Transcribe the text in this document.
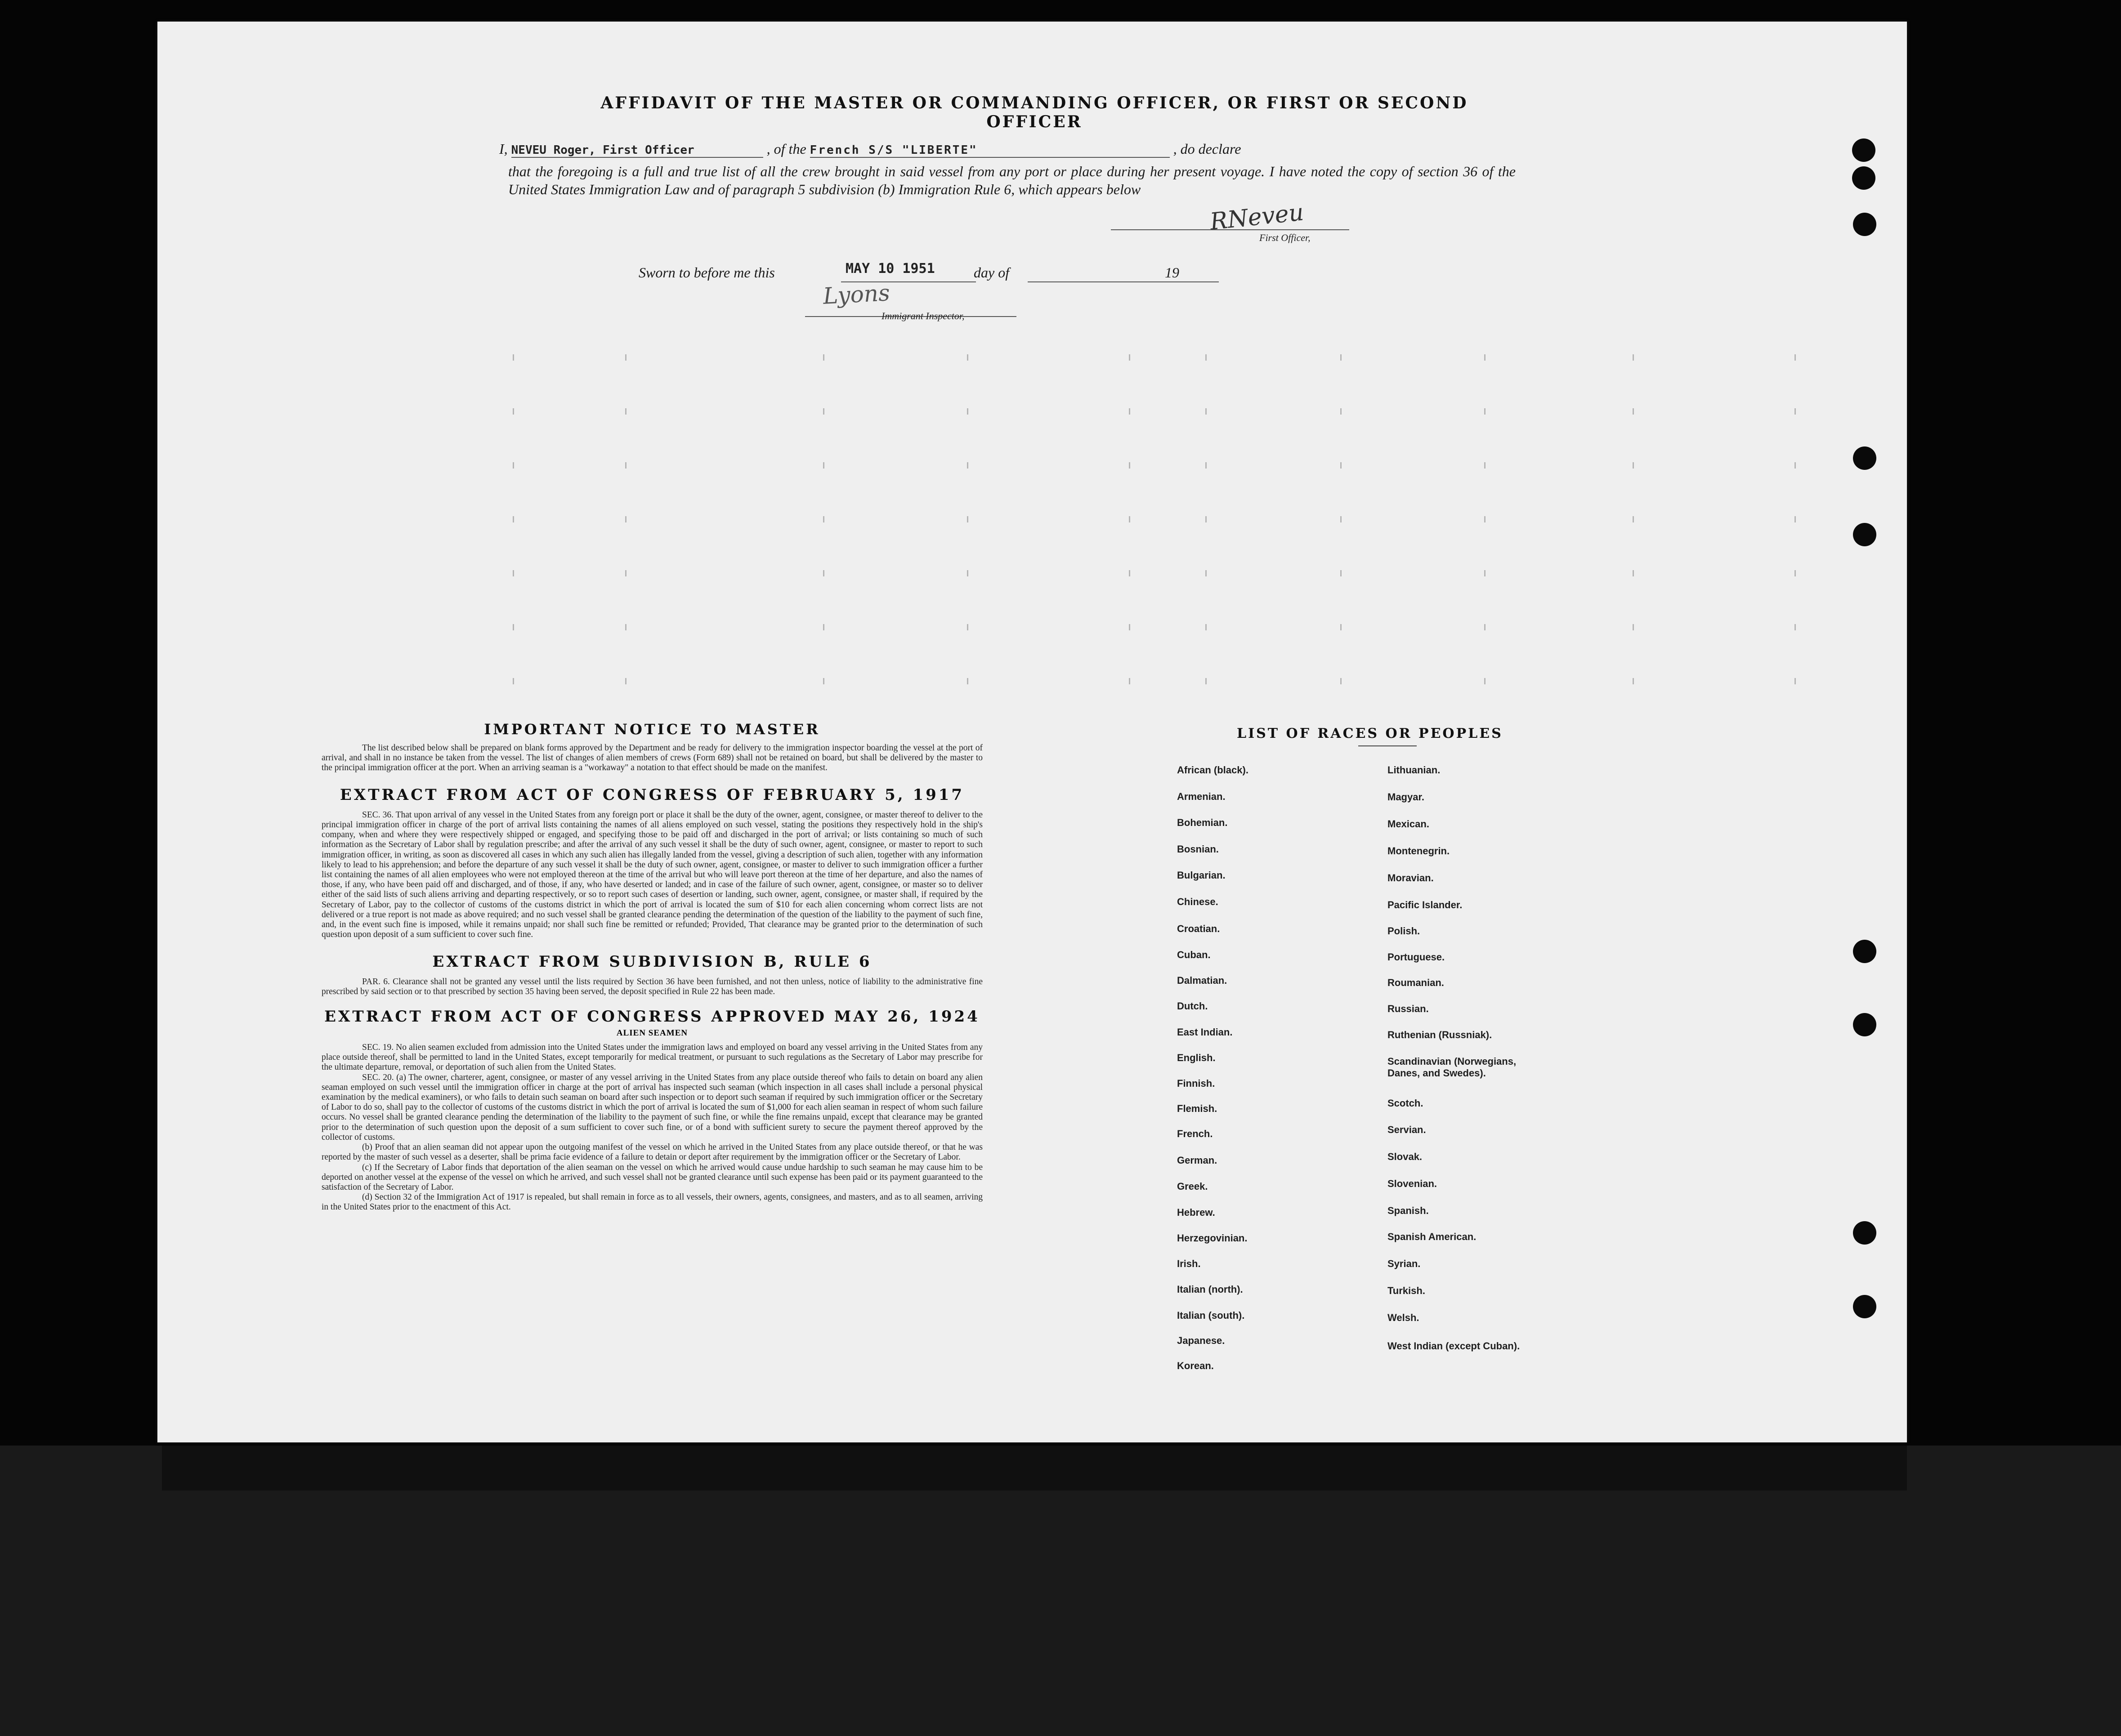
AFFIDAVIT OF THE MASTER OR COMMANDING OFFICER, OR FIRST OR SECOND OFFICER
I, NEVEU Roger, First Officer	, of the French S/S "LIBERTE"	, do declare
that the foregoing is a full and true list of all the crew brought in said vessel from any port or place during her present voyage. I have noted the copy of section 36 of the United States Immigration Law and of paragraph 5 subdivision (b) Immigration Rule 6, which appears below
RNeveu
First Officer,
Sworn to before me this	MAY 10 1951	day of	19
Lyons
Immigrant Inspector,
IMPORTANT NOTICE TO MASTER
The list described below shall be prepared on blank forms approved by the Department and be ready for delivery to the immigration inspector boarding the vessel at the port of arrival, and shall in no instance be taken from the vessel. The list of changes of alien members of crews (Form 689) shall not be retained on board, but shall be delivered by the master to the principal immigration officer at the port. When an arriving seaman is a "workaway" a notation to that effect should be made on the manifest.
EXTRACT FROM ACT OF CONGRESS OF FEBRUARY 5, 1917
SEC. 36. That upon arrival of any vessel in the United States from any foreign port or place it shall be the duty of the owner, agent, consignee, or master thereof to deliver to the principal immigration officer in charge of the port of arrival lists containing the names of all aliens employed on such vessel, stating the positions they respectively hold in the ship's company, when and where they were respectively shipped or engaged, and specifying those to be paid off and discharged in the port of arrival; or lists containing so much of such information as the Secretary of Labor shall by regulation prescribe; and after the arrival of any such vessel it shall be the duty of such owner, agent, consignee, or master to report to such immigration officer, in writing, as soon as discovered all cases in which any such alien has illegally landed from the vessel, giving a description of such alien, together with any information likely to lead to his apprehension; and before the departure of any such vessel it shall be the duty of such owner, agent, consignee, or master to deliver to such immigration officer a further list containing the names of all alien employees who were not employed thereon at the time of the arrival but who will leave port thereon at the time of her departure, and also the names of those, if any, who have been paid off and discharged, and of those, if any, who have deserted or landed; and in case of the failure of such owner, agent, consignee, or master so to deliver either of the said lists of such aliens arriving and departing respectively, or so to report such cases of desertion or landing, such owner, agent, consignee, or master shall, if required by the Secretary of Labor, pay to the collector of customs of the customs district in which the port of arrival is located the sum of $10 for each alien concerning whom correct lists are not delivered or a true report is not made as above required; and no such vessel shall be granted clearance pending the determination of the question of the liability to the payment of such fine, and, in the event such fine is imposed, while it remains unpaid; nor shall such fine be remitted or refunded; Provided, That clearance may be granted prior to the determination of such question upon deposit of a sum sufficient to cover such fine.
EXTRACT FROM SUBDIVISION B, RULE 6
PAR. 6. Clearance shall not be granted any vessel until the lists required by Section 36 have been furnished, and not then unless, notice of liability to the administrative fine prescribed by said section or to that prescribed by section 35 having been served, the deposit specified in Rule 22 has been made.
EXTRACT FROM ACT OF CONGRESS APPROVED MAY 26, 1924
ALIEN SEAMEN
SEC. 19. No alien seamen excluded from admission into the United States under the immigration laws and employed on board any vessel arriving in the United States from any place outside thereof, shall be permitted to land in the United States, except temporarily for medical treatment, or pursuant to such regulations as the Secretary of Labor may prescribe for the ultimate departure, removal, or deportation of such alien from the United States.
SEC. 20. (a) The owner, charterer, agent, consignee, or master of any vessel arriving in the United States from any place outside thereof who fails to detain on board any alien seaman employed on such vessel until the immigration officer in charge at the port of arrival has inspected such seaman (which inspection in all cases shall include a personal physical examination by the medical examiners), or who fails to detain such seaman on board after such inspection or to deport such seaman if required by such immigration officer or the Secretary of Labor to do so, shall pay to the collector of customs of the customs district in which the port of arrival is located the sum of $1,000 for each alien seaman in respect of whom such failure occurs. No vessel shall be granted clearance pending the determination of the liability to the payment of such fine, or while the fine remains unpaid, except that clearance may be granted prior to the determination of such question upon the deposit of a sum sufficient to cover such fine, or of a bond with sufficient surety to secure the payment thereof approved by the collector of customs.
(b) Proof that an alien seaman did not appear upon the outgoing manifest of the vessel on which he arrived in the United States from any place outside thereof, or that he was reported by the master of such vessel as a deserter, shall be prima facie evidence of a failure to detain or deport after requirement by the immigration officer or the Secretary of Labor.
(c) If the Secretary of Labor finds that deportation of the alien seaman on the vessel on which he arrived would cause undue hardship to such seaman he may cause him to be deported on another vessel at the expense of the vessel on which he arrived, and such vessel shall not be granted clearance until such expense has been paid or its payment guaranteed to the satisfaction of the Secretary of Labor.
(d) Section 32 of the Immigration Act of 1917 is repealed, but shall remain in force as to all vessels, their owners, agents, consignees, and masters, and as to all seamen, arriving in the United States prior to the enactment of this Act.
LIST OF RACES OR PEOPLES
African (black).
Armenian.
Bohemian.
Bosnian.
Bulgarian.
Chinese.
Croatian.
Cuban.
Dalmatian.
Dutch.
East Indian.
English.
Finnish.
Flemish.
French.
German.
Greek.
Hebrew.
Herzegovinian.
Irish.
Italian (north).
Italian (south).
Japanese.
Korean.
Lithuanian.
Magyar.
Mexican.
Montenegrin.
Moravian.
Pacific Islander.
Polish.
Portuguese.
Roumanian.
Russian.
Ruthenian (Russniak).
Scandinavian (Norwegians, Danes, and Swedes).
Scotch.
Servian.
Slovak.
Slovenian.
Spanish.
Spanish American.
Syrian.
Turkish.
Welsh.
West Indian (except Cuban).
